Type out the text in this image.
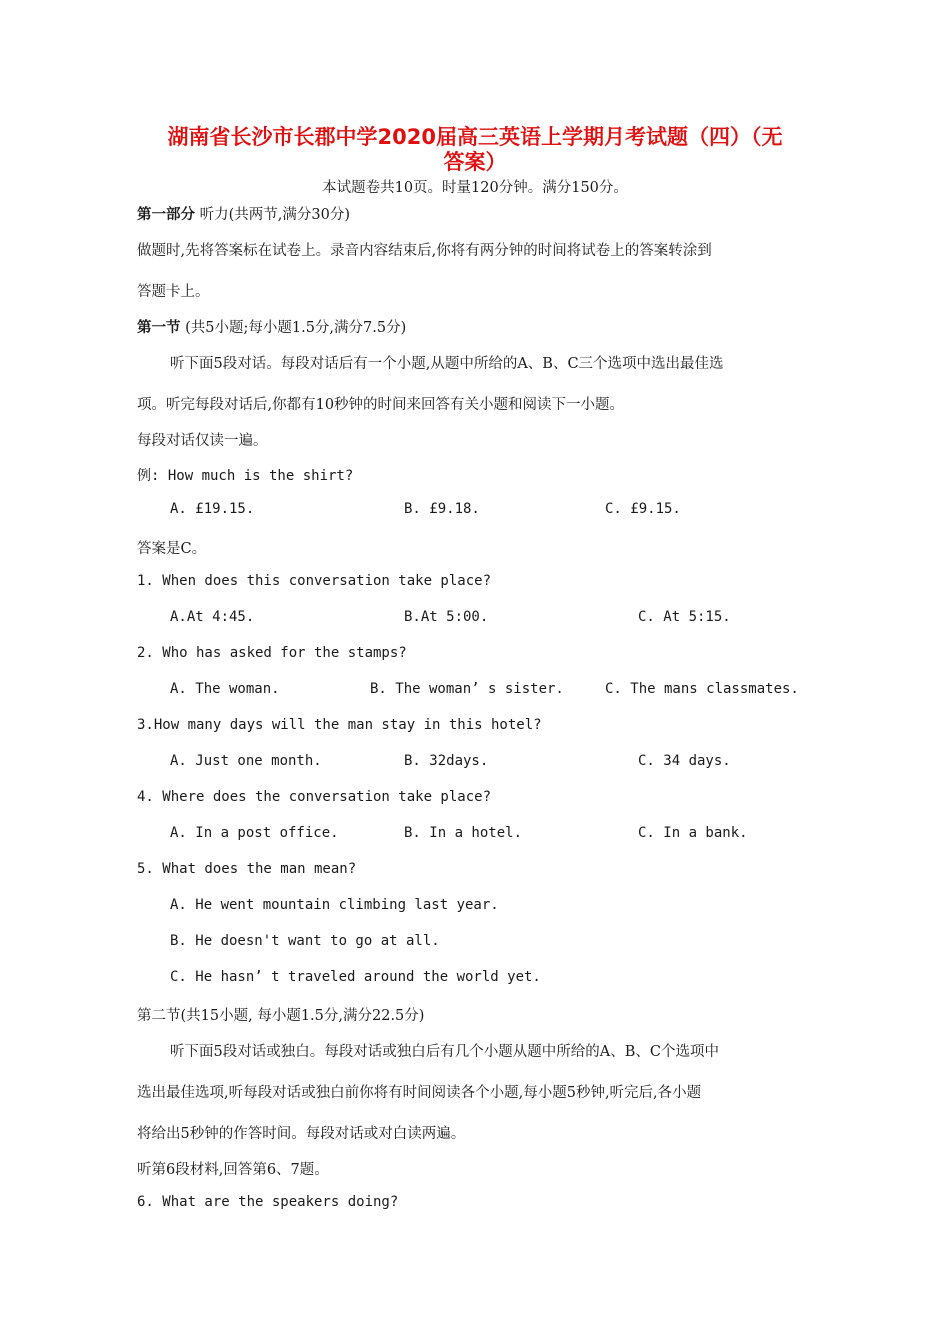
湖南省长沙市长郡中学2020届高三英语上学期月考试题（四）（无
答案）
本试题卷共10页。时量120分钟。满分150分。
第一部分 听力(共两节,满分30分)
做题时,先将答案标在试卷上。录音内容结束后,你将有两分钟的时间将试卷上的答案转涂到
答题卡上。
第一节 (共5小题;每小题1.5分,满分7.5分)
听下面5段对话。每段对话后有一个小题,从题中所给的A、B、C三个选项中选出最佳选
项。听完每段对话后,你都有10秒钟的时间来回答有关小题和阅读下一小题。
每段对话仅读一遍。
例: How much is the shirt?
A. £19.15.	B. £9.18.	C. £9.15.
答案是C。
1. When does this conversation take place?
A.At 4:45.	B.At 5:00.	C. At 5:15.
2. Who has asked for the stamps?
A. The woman.	B. The woman’ s sister.	C. The mans classmates.
3.How many days will the man stay in this hotel?
A. Just one month.	B. 32days.	C. 34 days.
4. Where does the conversation take place?
A. In a post office.	B. In a hotel.	C. In a bank.
5. What does the man mean?
A. He went mountain climbing last year.
B. He doesn't want to go at all.
C. He hasn’ t traveled around the world yet.
第二节(共15小题, 每小题1.5分,满分22.5分)
听下面5段对话或独白。每段对话或独白后有几个小题从题中所给的A、B、C个选项中
选出最佳选项,听每段对话或独白前你将有时间阅读各个小题,每小题5秒钟,听完后,各小题
将给出5秒钟的作答时间。每段对话或对白读两遍。
听第6段材料,回答第6、7题。
6. What are the speakers doing?
